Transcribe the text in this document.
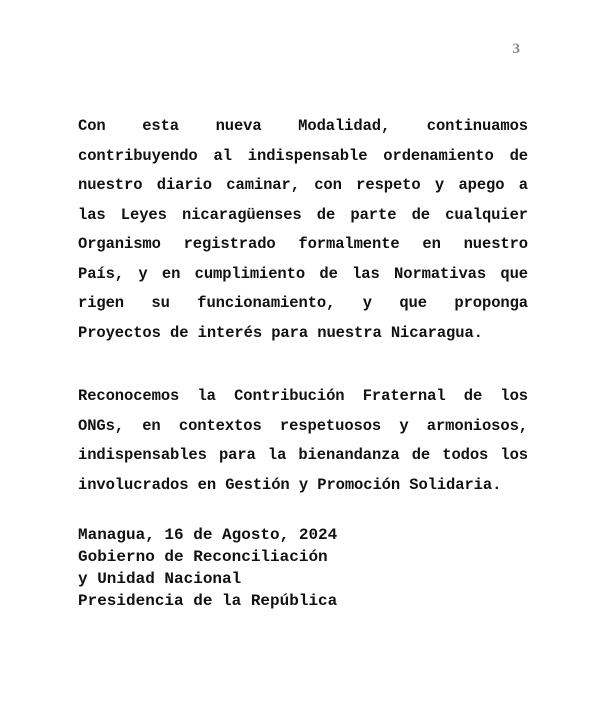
3

Con esta nueva Modalidad, continuamos contribuyendo al indispensable ordenamiento de nuestro diario caminar, con respeto y apego a las Leyes nicaragüenses de parte de cualquier Organismo registrado formalmente en nuestro País, y en cumplimiento de las Normativas que rigen su funcionamiento, y que proponga Proyectos de interés para nuestra Nicaragua.

Reconocemos la Contribución Fraternal de los ONGs, en contextos respetuosos y armoniosos, indispensables para la bienandanza de todos los involucrados en Gestión y Promoción Solidaria.

Managua, 16 de Agosto, 2024
Gobierno de Reconciliación
y Unidad Nacional
Presidencia de la República
